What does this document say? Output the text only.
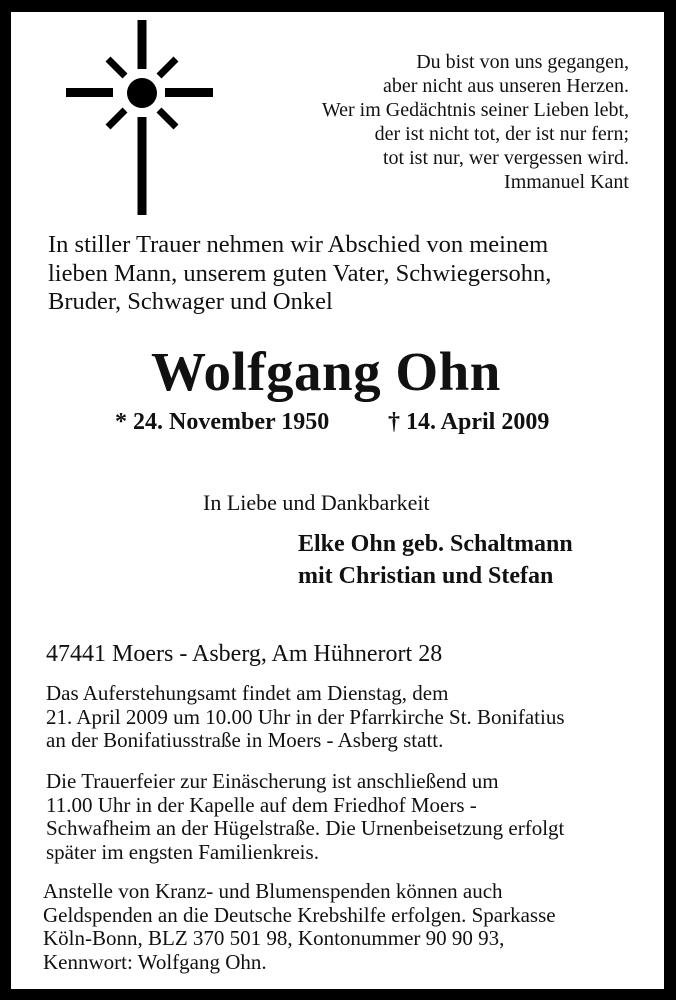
Du bist von uns gegangen,
aber nicht aus unseren Herzen.
Wer im Gedächtnis seiner Lieben lebt,
der ist nicht tot, der ist nur fern;
tot ist nur, wer vergessen wird.
Immanuel Kant
In stiller Trauer nehmen wir Abschied von meinem
lieben Mann, unserem guten Vater, Schwiegersohn,
Bruder, Schwager und Onkel
Wolfgang Ohn
* 24. November 1950 † 14. April 2009
In Liebe und Dankbarkeit
Elke Ohn geb. Schaltmann
mit Christian und Stefan
47441 Moers - Asberg, Am Hühnerort 28
Das Auferstehungsamt findet am Dienstag, dem
21. April 2009 um 10.00 Uhr in der Pfarrkirche St. Bonifatius
an der Bonifatiusstraße in Moers - Asberg statt.
Die Trauerfeier zur Einäscherung ist anschließend um
11.00 Uhr in der Kapelle auf dem Friedhof Moers -
Schwafheim an der Hügelstraße. Die Urnenbeisetzung erfolgt
später im engsten Familienkreis.
Anstelle von Kranz- und Blumenspenden können auch
Geldspenden an die Deutsche Krebshilfe erfolgen. Sparkasse
Köln-Bonn, BLZ 370 501 98, Kontonummer 90 90 93,
Kennwort: Wolfgang Ohn.
